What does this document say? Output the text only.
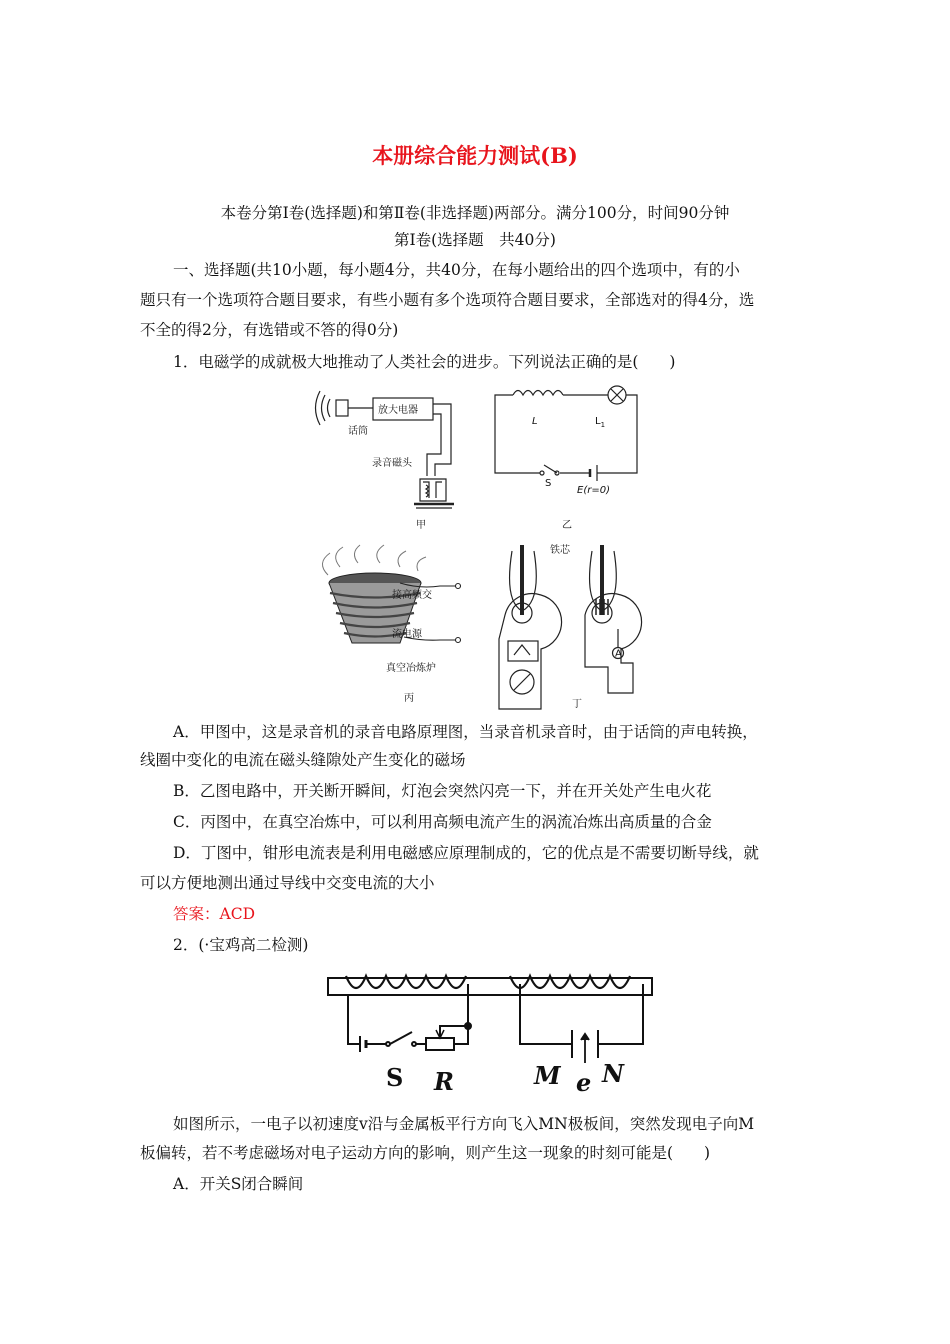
本册综合能力测试(B)
本卷分第Ⅰ卷(选择题)和第Ⅱ卷(非选择题)两部分。满分100分，时间90分钟
第Ⅰ卷(选择题　共40分)
一、选择题(共10小题，每小题4分，共40分，在每小题给出的四个选项中，有的小
题只有一个选项符合题目要求，有些小题有多个选项符合题目要求，全部选对的得4分，选
不全的得2分，有选错或不答的得0分)
1．电磁学的成就极大地推动了人类社会的进步。下列说法正确的是(　　)
话筒
放大电器
录音磁头
甲
L	$L_1$
S
E(r=0)
乙
接高频交
流电源
真空冶炼炉
丙
铁芯
A
丁
A．甲图中，这是录音机的录音电路原理图，当录音机录音时，由于话筒的声电转换，
线圈中变化的电流在磁头缝隙处产生变化的磁场
B．乙图电路中，开关断开瞬间，灯泡会突然闪亮一下，并在开关处产生电火花
C．丙图中，在真空冶炼中，可以利用高频电流产生的涡流冶炼出高质量的合金
D．丁图中，钳形电流表是利用电磁感应原理制成的，它的优点是不需要切断导线，就
可以方便地测出通过导线中交变电流的大小
答案：ACD
2．(·宝鸡高二检测)
S R	M e N
如图所示，一电子以初速度v沿与金属板平行方向飞入MN极板间，突然发现电子向M
板偏转，若不考虑磁场对电子运动方向的影响，则产生这一现象的时刻可能是(　　)
A．开关S闭合瞬间
